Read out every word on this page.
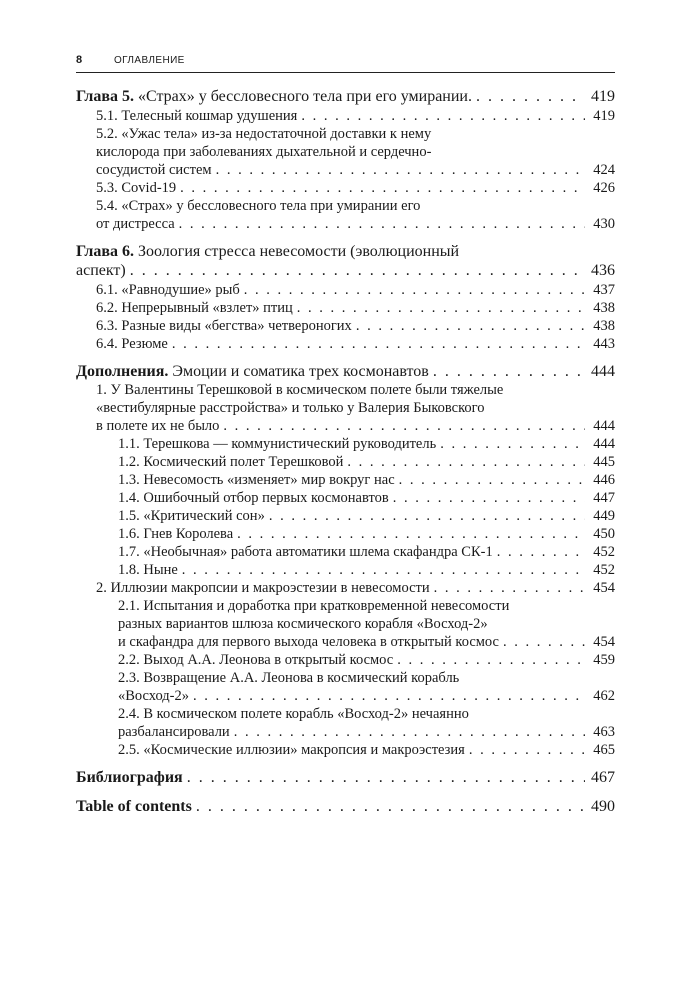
8	ОГЛАВЛЕНИЕ
Глава 5. «Страх» у бессловесного тела при его умирании. . . .	419
5.1. Телесный кошмар удушения . . .	419
5.2. «Ужас тела» из-за недостаточной доставки к нему
кислорода при заболеваниях дыхательной и сердечно-
сосудистой систем . . .	424
5.3. Covid-19 . . .	426
5.4. «Страх» у бессловесного тела при умирании его
от дистресса . . .	430
Глава 6. Зоология стресса невесомости (эволюционный
аспект) . . .	436
6.1. «Равнодушие» рыб . . .	437
6.2. Непрерывный «взлет» птиц . . .	438
6.3. Разные виды «бегства» четвероногих . . .	438
6.4. Резюме . . .	443
Дополнения. Эмоции и соматика трех космонавтов . . .	444
1. У Валентины Терешковой в космическом полете были тяжелые
«вестибулярные расстройства» и только у Валерия Быковского
в полете их не было . . .	444
1.1. Терешкова — коммунистический руководитель . . .	444
1.2. Космический полет Терешковой . . .	445
1.3. Невесомость «изменяет» мир вокруг нас . . .	446
1.4. Ошибочный отбор первых космонавтов . . .	447
1.5. «Критический сон» . . .	449
1.6. Гнев Королева . . .	450
1.7. «Необычная» работа автоматики шлема скафандра СК-1 . . .	452
1.8. Ныне . . .	452
2. Иллюзии макропсии и макроэстезии в невесомости . . .	454
2.1. Испытания и доработка при кратковременной невесомости
разных вариантов шлюза космического корабля «Восход-2»
и скафандра для первого выхода человека в открытый космос . . .	454
2.2. Выход А.А. Леонова в открытый космос . . .	459
2.3. Возвращение А.А. Леонова в космический корабль
«Восход-2» . . .	462
2.4. В космическом полете корабль «Восход-2» нечаянно
разбалансировали . . .	463
2.5. «Космические иллюзии» макропсия и макроэстезия . . .	465
Библиография . . .	467
Table of contents . . .	490
